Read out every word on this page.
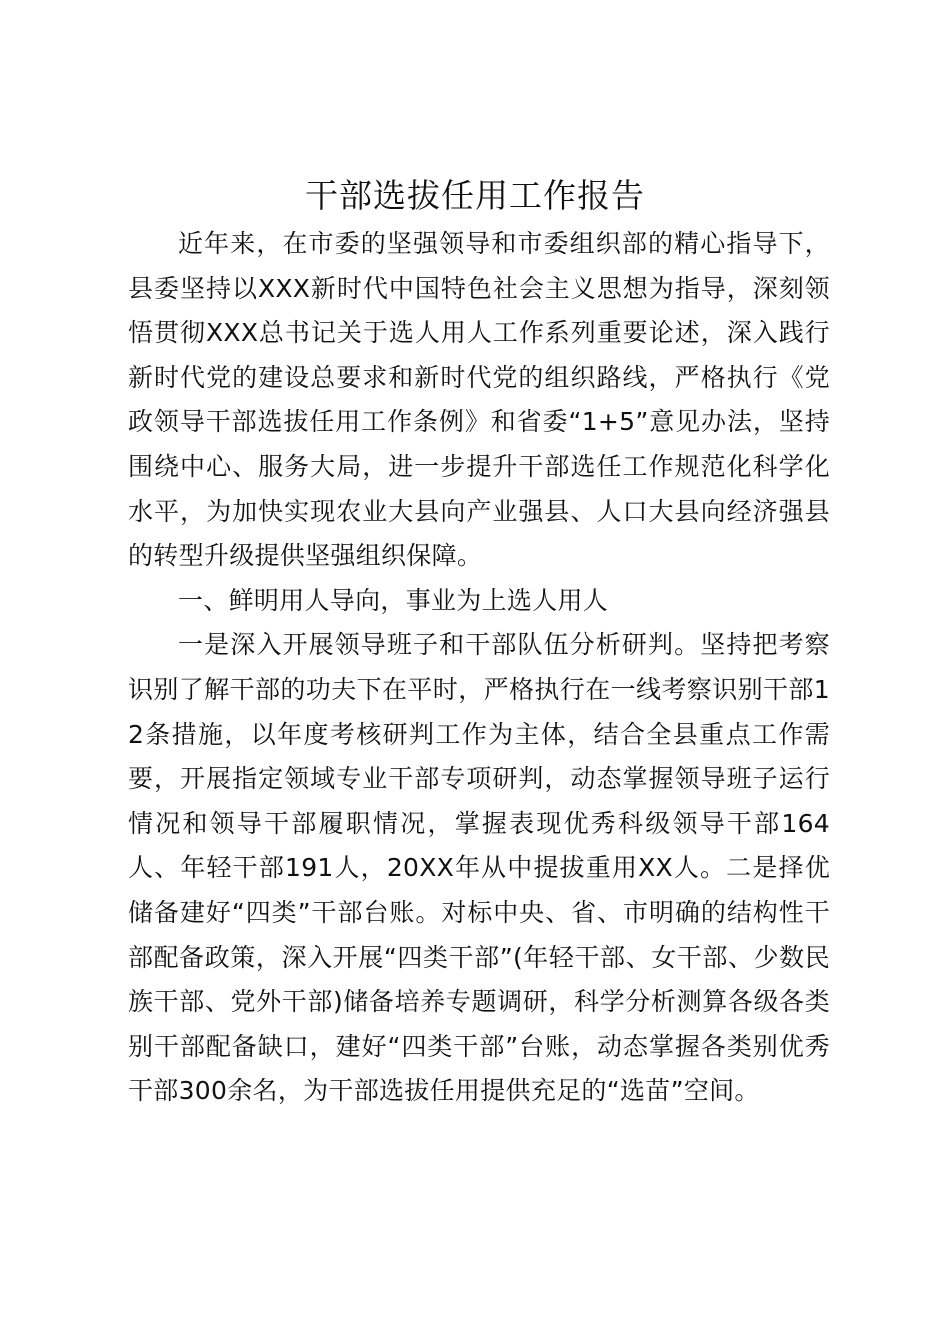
干部选拔任用工作报告

近年来，在市委的坚强领导和市委组织部的精心指导下，县委坚持以XXX新时代中国特色社会主义思想为指导，深刻领悟贯彻XXX总书记关于选人用人工作系列重要论述，深入践行新时代党的建设总要求和新时代党的组织路线，严格执行《党政领导干部选拔任用工作条例》和省委“1+5”意见办法，坚持围绕中心、服务大局，进一步提升干部选任工作规范化科学化水平，为加快实现农业大县向产业强县、人口大县向经济强县的转型升级提供坚强组织保障。

一、鲜明用人导向，事业为上选人用人

一是深入开展领导班子和干部队伍分析研判。坚持把考察识别了解干部的功夫下在平时，严格执行在一线考察识别干部12条措施，以年度考核研判工作为主体，结合全县重点工作需要，开展指定领域专业干部专项研判，动态掌握领导班子运行情况和领导干部履职情况，掌握表现优秀科级领导干部164人、年轻干部191人，20XX年从中提拔重用XX人。二是择优储备建好“四类”干部台账。对标中央、省、市明确的结构性干部配备政策，深入开展“四类干部”(年轻干部、女干部、少数民族干部、党外干部)储备培养专题调研，科学分析测算各级各类别干部配备缺口，建好“四类干部”台账，动态掌握各类别优秀干部300余名，为干部选拔任用提供充足的“选苗”空间。
